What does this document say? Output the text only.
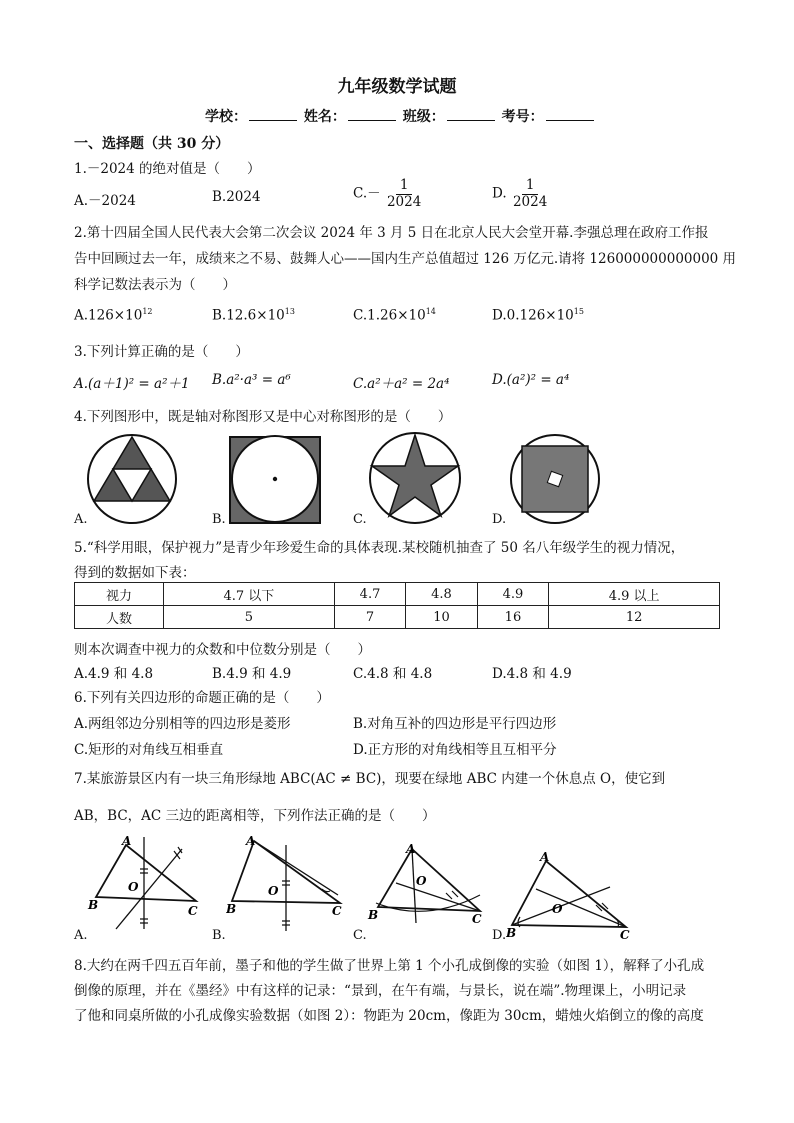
九年级数学试题
学校：	姓名：	班级：	考号：
一、选择题（共 30 分）
1.－2024 的绝对值是（　　）
A.－2024	B.2024	$C.- \frac{1}{2024}$	D. $\frac{1}{2024}$
2.第十四届全国人民代表大会第二次会议 2024 年 3 月 5 日在北京人民大会堂开幕.李强总理在政府工作报
告中回顾过去一年，成绩来之不易、鼓舞人心——国内生产总值超过 126 万亿元.请将 126000000000000 用
科学记数法表示为（　　）
$A.126\times 10^{12}$	$B.12.6\times 10^{13}$	$C.1.26\times 10^{14}$	$D.0.126\times 10^{15}$
3.下列计算正确的是（　　）
A.(a＋1)² = a²＋1 B.a²·a³ = a⁶	C.a²＋a² = 2a⁴	D.(a²)² = a⁴
4.下列图形中，既是轴对称图形又是中心对称图形的是（　　）
A.	B.	C.	D.
5.“科学用眼，保护视力”是青少年珍爱生命的具体表现.某校随机抽查了 50 名八年级学生的视力情况，
得到的数据如下表：
视力	4.7 以下	4.7	4.8	4.9	4.9 以上
人数	5	7	10	16	12
则本次调查中视力的众数和中位数分别是（　　）
A.4.9 和 4.8	B.4.9 和 4.9	C.4.8 和 4.8	D.4.8 和 4.9
6.下列有关四边形的命题正确的是（　　）
A.两组邻边分别相等的四边形是菱形	B.对角互补的四边形是平行四边形
C.矩形的对角线互相垂直	D.正方形的对角线相等且互相平分
7.某旅游景区内有一块三角形绿地 ABC(AC ≠ BC)，现要在绿地 ABC 内建一个休息点 O，使它到
AB，BC，AC 三边的距离相等，下列作法正确的是（　　）
A
B	C
O
A.
A
B	C
O
B.
A
B	C
O
C.
A
B	C
O
D.
8.大约在两千四五百年前，墨子和他的学生做了世界上第 1 个小孔成倒像的实验（如图 1），解释了小孔成
倒像的原理，并在《墨经》中有这样的记录：“景到，在午有端，与景长，说在端”.物理课上，小明记录
了他和同桌所做的小孔成像实验数据（如图 2）：物距为 20cm，像距为 30cm，蜡烛火焰倒立的像的高度
